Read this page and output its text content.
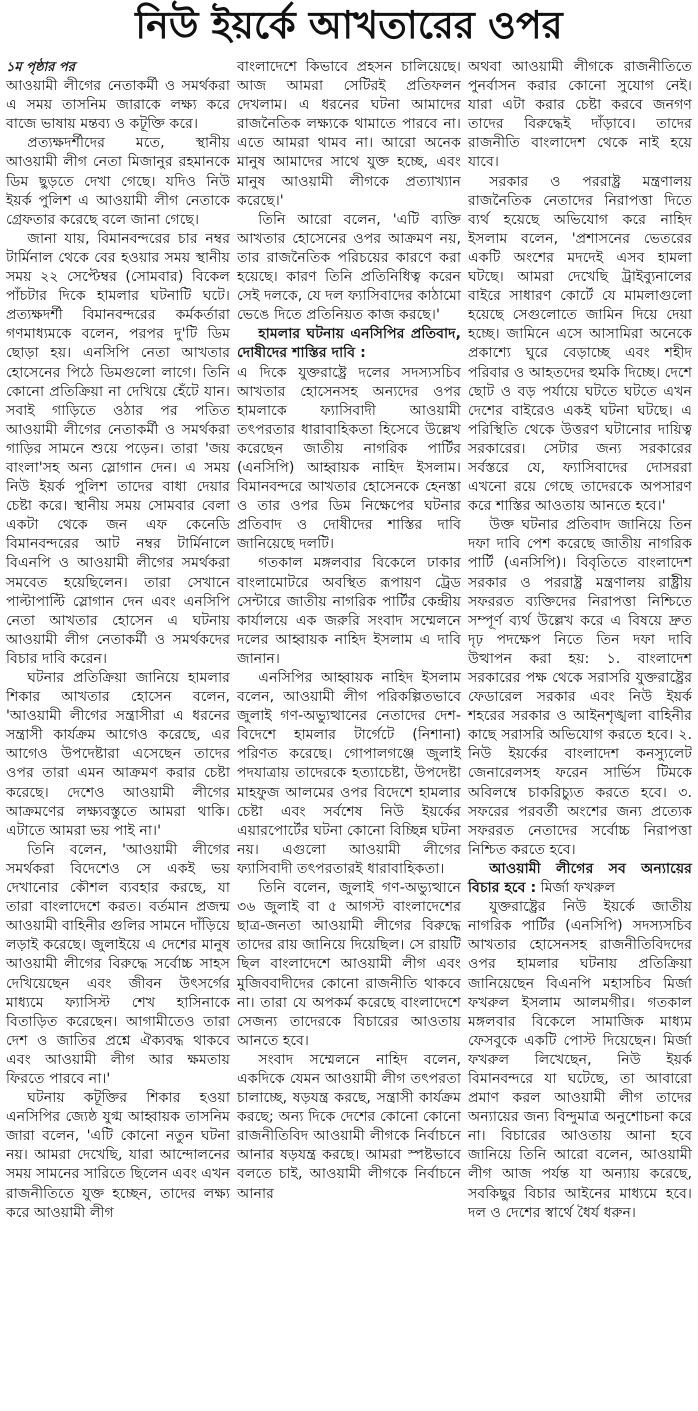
নিউ ইয়র্কে আখতারের ওপর

১ম পৃষ্ঠার পর

আওয়ামী লীগের নেতাকর্মী ও সমর্থকরা এ সময় তাসনিম জারাকে লক্ষ্য করে বাজে ভাষায় মন্তব্য ও কটূক্তি করে।

প্রত্যক্ষদর্শীদের মতে, স্থানীয় আওয়ামী লীগ নেতা মিজানুর রহমানকে ডিম ছুড়তে দেখা গেছে। যদিও নিউ ইয়র্ক পুলিশ এ আওয়ামী লীগ নেতাকে গ্রেফতার করেছে বলে জানা গেছে।

জানা যায়, বিমানবন্দরের চার নম্বর টার্মিনাল থেকে বের হওয়ার সময় স্থানীয় সময় ২২ সেপ্টেম্বর (সোমবার) বিকেল পাঁচটার দিকে হামলার ঘটনাটি ঘটে। প্রত্যক্ষদর্শী বিমানবন্দরের কর্মকর্তারা গণমাধ্যমকে বলেন, পরপর দু'টি ডিম ছোড়া হয়। এনসিপি নেতা আখতার হোসেনের পিঠে ডিমগুলো লাগে। তিনি কোনো প্রতিক্রিয়া না দেখিয়ে হেঁটে যান। সবাই গাড়িতে ওঠার পর পতিত আওয়ামী লীগের নেতাকর্মী ও সমর্থকরা গাড়ির সামনে শুয়ে পড়েন। তারা 'জয় বাংলা'সহ অন্য স্লোগান দেন। এ সময় নিউ ইয়র্ক পুলিশ তাদের বাধা দেয়ার চেষ্টা করে। স্থানীয় সময় সোমবার বেলা একটা থেকে জন এফ কেনেডি বিমানবন্দরের আট নম্বর টার্মিনালে বিএনপি ও আওয়ামী লীগের সমর্থকরা সমবেত হয়েছিলেন। তারা সেখানে পাল্টাপাল্টি স্লোগান দেন এবং এনসিপি নেতা আখতার হোসেন এ ঘটনায় আওয়ামী লীগ নেতাকর্মী ও সমর্থকদের বিচার দাবি করেন।

ঘটনার প্রতিক্রিয়া জানিয়ে হামলার শিকার আখতার হোসেন বলেন, 'আওয়ামী লীগের সন্ত্রাসীরা এ ধরনের সন্ত্রাসী কার্যক্রম আগেও করেছে, এর আগেও উপদেষ্টারা এসেছেন তাদের ওপর তারা এমন আক্রমণ করার চেষ্টা করেছে। দেশেও আওয়ামী লীগের আক্রমণের লক্ষ্যবস্তুতে আমরা থাকি। এটাতে আমরা ভয় পাই না।'

তিনি বলেন, 'আওয়ামী লীগের সমর্থকরা বিদেশেও সে একই ভয় দেখানোর কৌশল ব্যবহার করছে, যা তারা বাংলাদেশে করত। বর্তমান প্রজন্ম আওয়ামী বাহিনীর গুলির সামনে দাঁড়িয়ে লড়াই করেছে। জুলাইয়ে এ দেশের মানুষ আওয়ামী লীগের বিরুদ্ধে সর্বোচ্চ সাহস দেখিয়েছেন এবং জীবন উৎসর্গের মাধ্যমে ফ্যাসিস্ট শেখ হাসিনাকে বিতাড়িত করেছেন। আগামীতেও তারা দেশ ও জাতির প্রশ্নে ঐক্যবদ্ধ থাকবে এবং আওয়ামী লীগ আর ক্ষমতায় ফিরতে পারবে না।'

ঘটনায় কটূক্তির শিকার হওয়া এনসিপির জ্যেষ্ঠ যুগ্ম আহ্বায়ক তাসনিম জারা বলেন, 'এটি কোনো নতুন ঘটনা নয়। আমরা দেখেছি, যারা আন্দোলনের সময় সামনের সারিতে ছিলেন এবং এখন রাজনীতিতে যুক্ত হচ্ছেন, তাদের লক্ষ্য করে আওয়ামী লীগ

বাংলাদেশে কিভাবে প্রহসন চালিয়েছে। আজ আমরা সেটিরই প্রতিফলন দেখলাম। এ ধরনের ঘটনা আমাদের রাজনৈতিক লক্ষ্যকে থামাতে পারবে না। এতে আমরা থামব না। আরো অনেক মানুষ আমাদের সাথে যুক্ত হচ্ছে, এবং মানুষ আওয়ামী লীগকে প্রত্যাখ্যান করেছে।'

তিনি আরো বলেন, 'এটি ব্যক্তি আখতার হোসেনের ওপর আক্রমণ নয়, তার রাজনৈতিক পরিচয়ের কারণে করা হয়েছে। কারণ তিনি প্রতিনিধিত্ব করেন সেই দলকে, যে দল ফ্যাসিবাদের কাঠামো ভেঙে দিতে প্রতিনিয়ত কাজ করছে।'

হামলার ঘটনায় এনসিপির প্রতিবাদ, দোষীদের শাস্তির দাবি :

এ দিকে যুক্তরাষ্ট্রে দলের সদস্যসচিব আখতার হোসেনসহ অন্যদের ওপর হামলাকে ফ্যাসিবাদী আওয়ামী তৎপরতার ধারাবাহিকতা হিসেবে উল্লেখ করেছেন জাতীয় নাগরিক পার্টির (এনসিপি) আহ্বায়ক নাহিদ ইসলাম। বিমানবন্দরে আখতার হোসেনকে হেনস্তা ও তার ওপর ডিম নিক্ষেপের ঘটনার প্রতিবাদ ও দোষীদের শাস্তির দাবি জানিয়েছে দলটি।

গতকাল মঙ্গলবার বিকেলে ঢাকার বাংলামোটরে অবস্থিত রূপায়ণ ট্রেড সেন্টারে জাতীয় নাগরিক পার্টির কেন্দ্রীয় কার্যালয়ে এক জরুরি সংবাদ সম্মেলনে দলের আহ্বায়ক নাহিদ ইসলাম এ দাবি জানান।

এনসিপির আহ্বায়ক নাহিদ ইসলাম বলেন, আওয়ামী লীগ পরিকল্পিতভাবে জুলাই গণ-অভ্যুত্থানের নেতাদের দেশ-বিদেশে হামলার টার্গেটে (নিশানা) পরিণত করেছে। গোপালগঞ্জে জুলাই পদযাত্রায় তাদেরকে হত্যাচেষ্টা, উপদেষ্টা মাহফুজ আলমের ওপর বিদেশে হামলার চেষ্টা এবং সর্বশেষ নিউ ইয়র্কের এয়ারপোর্টের ঘটনা কোনো বিচ্ছিন্ন ঘটনা নয়। এগুলো আওয়ামী লীগের ফ্যাসিবাদী তৎপরতারই ধারাবাহিকতা।

তিনি বলেন, জুলাই গণ-অভ্যুত্থানে ৩৬ জুলাই বা ৫ আগস্ট বাংলাদেশের ছাত্র-জনতা আওয়ামী লীগের বিরুদ্ধে তাদের রায় জানিয়ে দিয়েছিল। সে রায়টি ছিল বাংলাদেশে আওয়ামী লীগ এবং মুজিববাদীদের কোনো রাজনীতি থাকবে না। তারা যে অপকর্ম করেছে বাংলাদেশে সেজন্য তাদেরকে বিচারের আওতায় আনতে হবে।

সংবাদ সম্মেলনে নাহিদ বলেন, একদিকে যেমন আওয়ামী লীগ তৎপরতা চালাচ্ছে, ষড়যন্ত্র করছে, সন্ত্রাসী কার্যক্রম করছে; অন্য দিকে দেশের কোনো কোনো রাজনীতিবিদ আওয়ামী লীগকে নির্বাচনে আনার ষড়যন্ত্র করছে। আমরা স্পষ্টভাবে বলতে চাই, আওয়ামী লীগকে নির্বাচনে আনার

অথবা আওয়ামী লীগকে রাজনীতিতে পুনর্বাসন করার কোনো সুযোগ নেই। যারা এটা করার চেষ্টা করবে জনগণ তাদের বিরুদ্ধেই দাঁড়াবে। তাদের রাজনীতি বাংলাদেশ থেকে নাই হয়ে যাবে।

সরকার ও পররাষ্ট্র মন্ত্রণালয় রাজনৈতিক নেতাদের নিরাপত্তা দিতে ব্যর্থ হয়েছে অভিযোগ করে নাহিদ ইসলাম বলেন, 'প্রশাসনের ভেতরের একটি অংশের মদদেই এসব হামলা ঘটছে। আমরা দেখেছি ট্রাইব্যুনালের বাইরে সাধারণ কোর্টে যে মামলাগুলো হয়েছে সেগুলোতে জামিন দিয়ে দেয়া হচ্ছে। জামিনে এসে আসামিরা অনেকে প্রকাশ্যে ঘুরে বেড়াচ্ছে এবং শহীদ পরিবার ও আহতদের হুমকি দিচ্ছে। দেশে ছোট ও বড় পর্যায়ে ঘটতে ঘটতে এখন দেশের বাইরেও একই ঘটনা ঘটছে। এ পরিস্থিতি থেকে উত্তরণ ঘটানোর দায়িত্ব সরকারের। সেটার জন্য সরকারের সর্বস্তরে যে, ফ্যাসিবাদের দোসররা এখনো রয়ে গেছে তাদেরকে অপসারণ করে শাস্তির আওতায় আনতে হবে।'

উক্ত ঘটনার প্রতিবাদ জানিয়ে তিন দফা দাবি পেশ করেছে জাতীয় নাগরিক পার্টি (এনসিপি)। বিবৃতিতে বাংলাদেশ সরকার ও পররাষ্ট্র মন্ত্রণালয় রাষ্ট্রীয় সফররত ব্যক্তিদের নিরাপত্তা নিশ্চিতে সম্পূর্ণ ব্যর্থ উল্লেখ করে এ বিষয়ে দ্রুত দৃঢ় পদক্ষেপ নিতে তিন দফা দাবি উত্থাপন করা হয়: ১. বাংলাদেশ সরকারের পক্ষ থেকে সরাসরি যুক্তরাষ্ট্রের ফেডারেল সরকার এবং নিউ ইয়র্ক শহরের সরকার ও আইনশৃঙ্খলা বাহিনীর কাছে সরাসরি অভিযোগ করতে হবে। ২. নিউ ইয়র্কের বাংলাদেশ কনস্যুলেট জেনারেলসহ ফরেন সার্ভিস টিমকে অবিলম্বে চাকরিচ্যুত করতে হবে। ৩. সফরের পরবর্তী অংশের জন্য প্রত্যেক সফররত নেতাদের সর্বোচ্চ নিরাপত্তা নিশ্চিত করতে হবে।

আওয়ামী লীগের সব অন্যায়ের বিচার হবে : মির্জা ফখরুল

যুক্তরাষ্ট্রের নিউ ইয়র্কে জাতীয় নাগরিক পার্টির (এনসিপি) সদস্যসচিব আখতার হোসেনসহ রাজনীতিবিদদের ওপর হামলার ঘটনায় প্রতিক্রিয়া জানিয়েছেন বিএনপি মহাসচিব মির্জা ফখরুল ইসলাম আলমগীর। গতকাল মঙ্গলবার বিকেলে সামাজিক মাধ্যম ফেসবুকে একটি পোস্ট দিয়েছেন। মির্জা ফখরুল লিখেছেন, নিউ ইয়র্ক বিমানবন্দরে যা ঘটেছে, তা আবারো প্রমাণ করল আওয়ামী লীগ তাদের অন্যায়ের জন্য বিন্দুমাত্র অনুশোচনা করে না। বিচারের আওতায় আনা হবে জানিয়ে তিনি আরো বলেন, আওয়ামী লীগ আজ পর্যন্ত যা অন্যায় করেছে, সবকিছুর বিচার আইনের মাধ্যমে হবে। দল ও দেশের স্বার্থে ধৈর্য ধরুন।
